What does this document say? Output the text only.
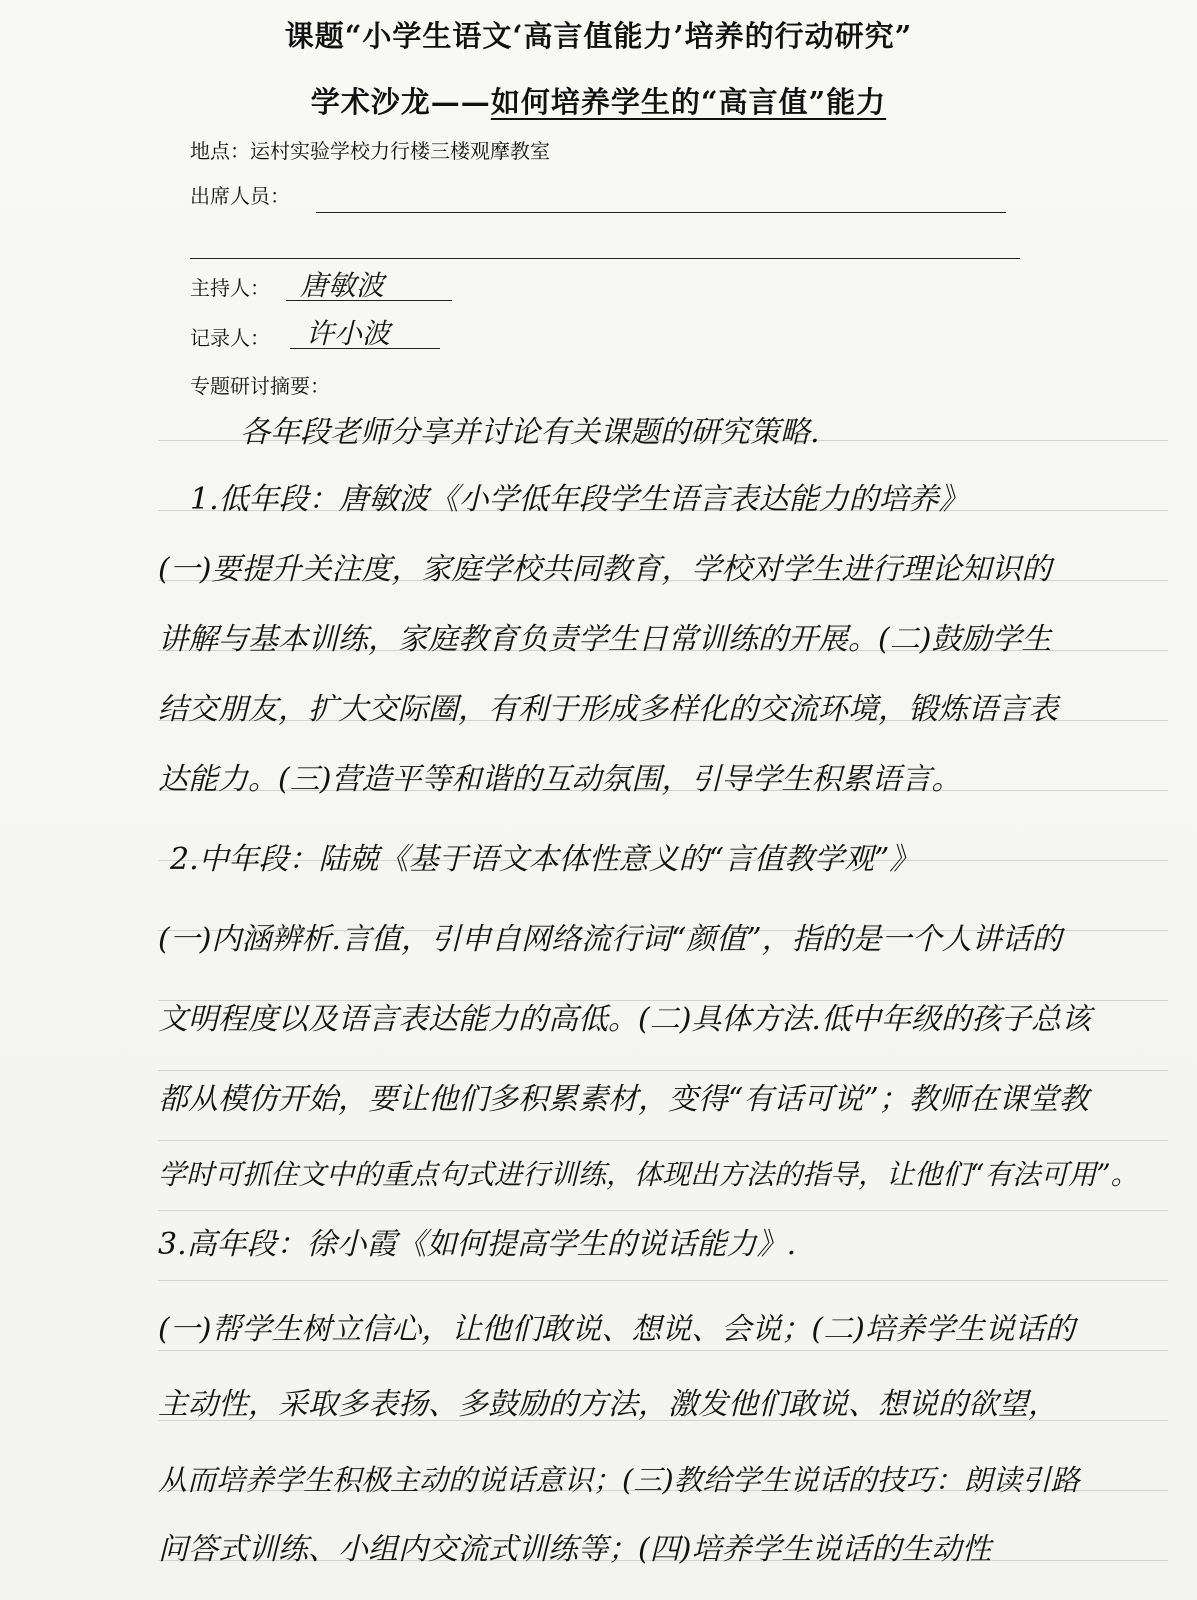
课题“小学生语文‘高言值能力’培养的行动研究”
学术沙龙——如何培养学生的“高言值”能力
地点：运村实验学校力行楼三楼观摩教室
出席人员：
主持人： 唐敏波
记录人： 许小波
专题研讨摘要：
各年段老师分享并讨论有关课题的研究策略.
1.低年段：唐敏波《小学低年段学生语言表达能力的培养》
(一)要提升关注度，家庭学校共同教育，学校对学生进行理论知识的
讲解与基本训练，家庭教育负责学生日常训练的开展。(二)鼓励学生
结交朋友，扩大交际圈，有利于形成多样化的交流环境，锻炼语言表
达能力。(三)营造平等和谐的互动氛围，引导学生积累语言。
2.中年段：陆兢《基于语文本体性意义的“言值教学观”》
(一)内涵辨析.言值，引申自网络流行词“颜值”，指的是一个人讲话的
文明程度以及语言表达能力的高低。(二)具体方法.低中年级的孩子总该
都从模仿开始，要让他们多积累素材，变得“有话可说”；教师在课堂教
学时可抓住文中的重点句式进行训练，体现出方法的指导，让他们“有法可用”。
3.高年段：徐小霞《如何提高学生的说话能力》.
(一)帮学生树立信心，让他们敢说、想说、会说；(二)培养学生说话的
主动性，采取多表扬、多鼓励的方法，激发他们敢说、想说的欲望，
从而培养学生积极主动的说话意识；(三)教给学生说话的技巧：朗读引路
问答式训练、小组内交流式训练等；(四)培养学生说话的生动性
